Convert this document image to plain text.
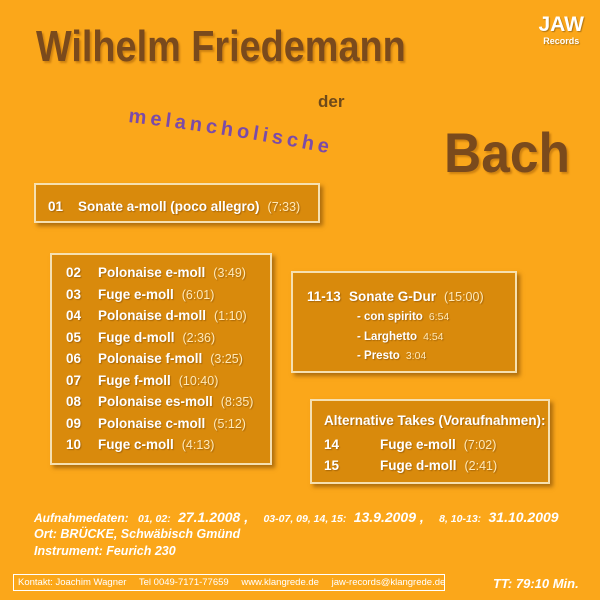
Wilhelm Friedemann	JAW
Records
der
melancholische Bach
01	Sonate a-moll (poco allegro) (7:33)
02	Polonaise e-moll (3:49)
03	Fuge e-moll (6:01)
04	Polonaise d-moll (1:10)
05	Fuge d-moll (2:36)
06	Polonaise f-moll (3:25)
07	Fuge f-moll (10:40)
08	Polonaise es-moll (8:35)
09	Polonaise c-moll (5:12)
10	Fuge c-moll (4:13)
11-13 Sonate G-Dur (15:00)
- con spirito 6:54
- Larghetto 4:54
- Presto 3:04
Alternative Takes (Voraufnahmen):
14	Fuge e-moll (7:02)
15	Fuge d-moll (2:41)
Aufnahmedaten: 01, 02: 27.1.2008 , 03-07, 09, 14, 15: 13.9.2009 , 8, 10-13: 31.10.2009
Ort: BRÜCKE, Schwäbisch Gmünd
Instrument: Feurich 230
Kontakt: Joachim Wagner Tel 0049-7171-77659 www.klangrede.de jaw-records@klangrede.de	TT: 79:10 Min.
